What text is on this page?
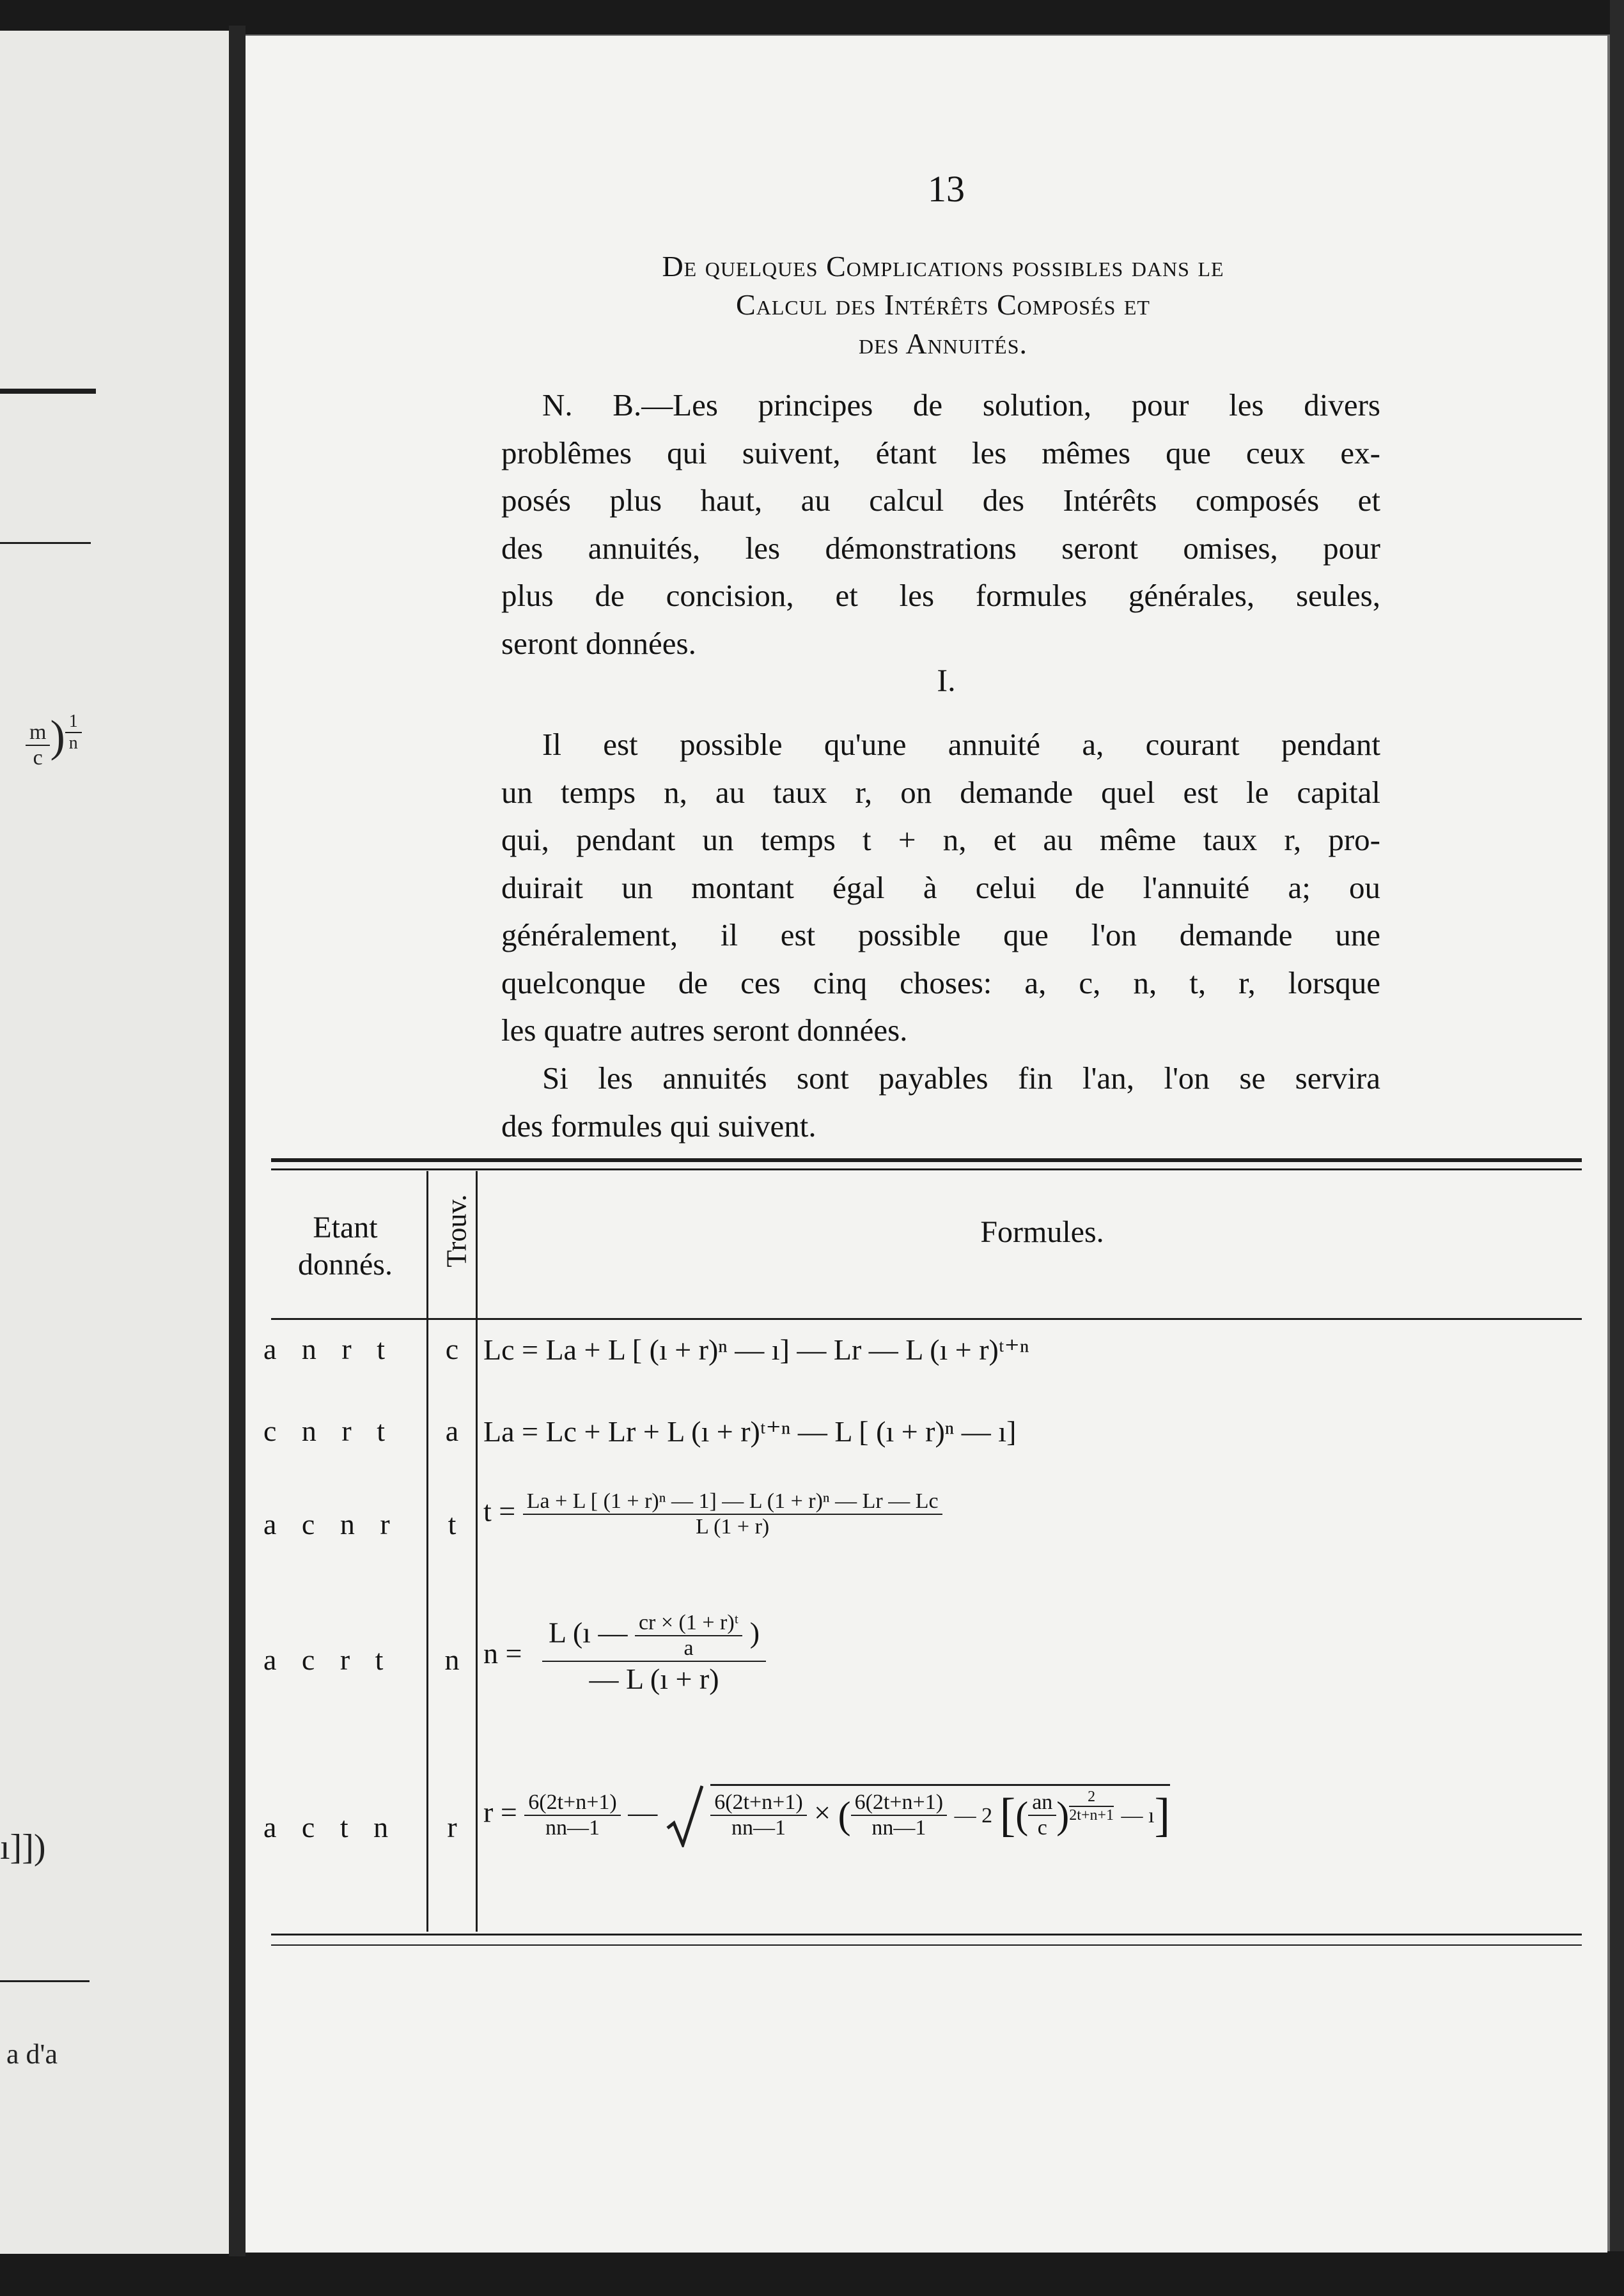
$\frac{m}{c}$ ) $\frac{1}{n}$
ı]])
a d'a
13
De quelques Complications possibles dans le
Calcul des Intérêts Composés et
des Annuités.
N. B.—Les principes de solution, pour les divers
problêmes qui suivent, étant les mêmes que ceux ex-
posés plus haut, au calcul des Intérêts composés et
des annuités, les démonstrations seront omises, pour
plus de concision, et les formules générales, seules,
seront données.
I.
Il est possible qu'une annuité a, courant pendant
un temps n, au taux r, on demande quel est le capital
qui, pendant un temps t + n, et au même taux r, pro-
duirait un montant égal à celui de l'annuité a; ou
généralement, il est possible que l'on demande une
quelconque de ces cinq choses: a, c, n, t, r, lorsque
les quatre autres seront données.
Si les annuités sont payables fin l'an, l'on se servira
des formules qui suivent.
Etant
donnés.	Trouv.	Formules.
a n r t	c Lc = La + L [ (ı + r)ⁿ — ı] — Lr — L (ı + r)ᵗ⁺ⁿ
c n r t	a La = Lc + Lr + L (ı + r)ᵗ⁺ⁿ — L [ (ı + r)ⁿ — ı]
a c n r	t $t = \frac{\text{La + L [ (1 + r)ⁿ — 1] — L (1 + r)ⁿ — Lr — Lc}}{L (1 + r)}$
a c r t	n $n = \frac{L (ı — \frac{\text{cr × (1 + r)ᵗ}}{a} )}{— L (ı + r)}$
a c t n	r $r = \frac{6(2t+n+1)}{nn—1}$ — $\frac{6(2t+n+1)}{nn—1}$ × ( $\frac{6(2t+n+1)}{nn—1}$ — 2 [( $\frac{an}{c}$ ) $\frac{2}{2t+n+1}$ — ı]
